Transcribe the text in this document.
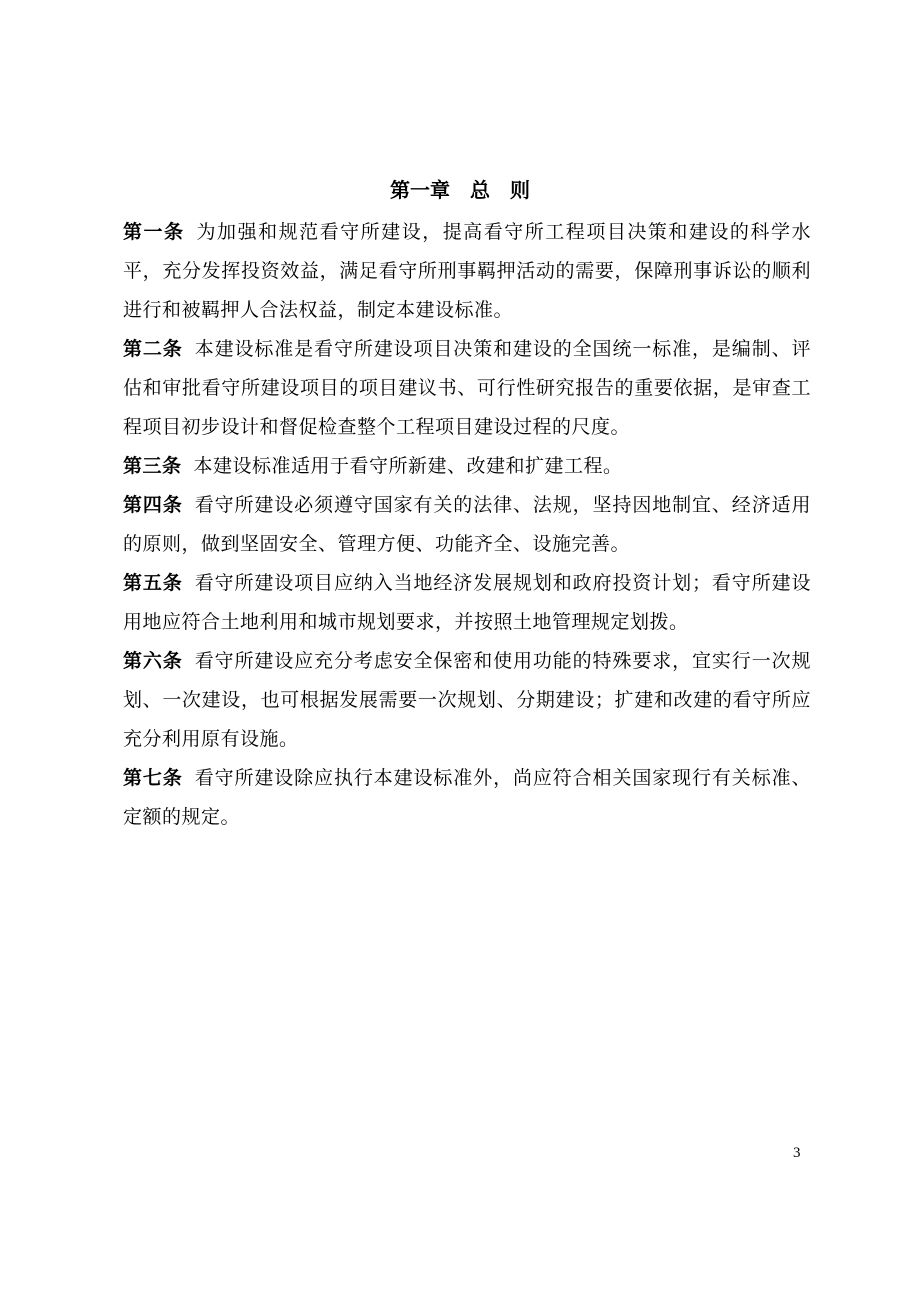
第一章　总　则

第一条 为加强和规范看守所建设，提高看守所工程项目决策和建设的科学水平，充分发挥投资效益，满足看守所刑事羁押活动的需要，保障刑事诉讼的顺利进行和被羁押人合法权益，制定本建设标准。

第二条 本建设标准是看守所建设项目决策和建设的全国统一标准，是编制、评估和审批看守所建设项目的项目建议书、可行性研究报告的重要依据，是审查工程项目初步设计和督促检查整个工程项目建设过程的尺度。

第三条 本建设标准适用于看守所新建、改建和扩建工程。

第四条 看守所建设必须遵守国家有关的法律、法规，坚持因地制宜、经济适用的原则，做到坚固安全、管理方便、功能齐全、设施完善。

第五条 看守所建设项目应纳入当地经济发展规划和政府投资计划；看守所建设用地应符合土地利用和城市规划要求，并按照土地管理规定划拨。

第六条 看守所建设应充分考虑安全保密和使用功能的特殊要求，宜实行一次规划、一次建设，也可根据发展需要一次规划、分期建设；扩建和改建的看守所应充分利用原有设施。

第七条 看守所建设除应执行本建设标准外，尚应符合相关国家现行有关标准、定额的规定。

3
